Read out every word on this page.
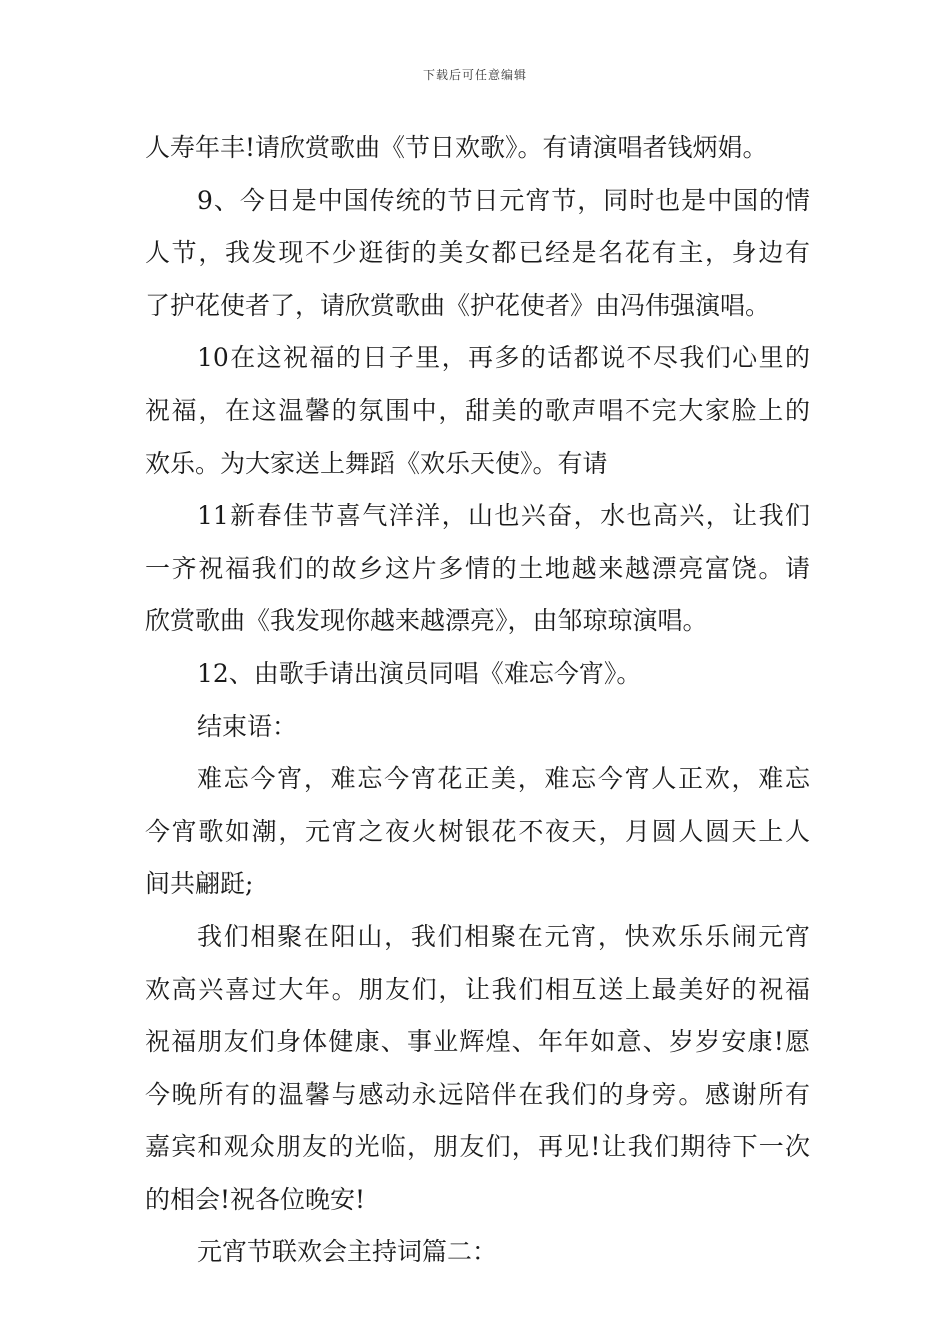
下载后可任意编辑
人寿年丰!请欣赏歌曲《节日欢歌》。有请演唱者钱炳娟。
9、今日是中国传统的节日元宵节，同时也是中国的情
人节，我发现不少逛街的美女都已经是名花有主，身边有
了护花使者了，请欣赏歌曲《护花使者》由冯伟强演唱。
10在这祝福的日子里，再多的话都说不尽我们心里的
祝福，在这温馨的氛围中，甜美的歌声唱不完大家脸上的
欢乐。为大家送上舞蹈《欢乐天使》。有请
11新春佳节喜气洋洋，山也兴奋，水也高兴，让我们
一齐祝福我们的故乡这片多情的土地越来越漂亮富饶。请
欣赏歌曲《我发现你越来越漂亮》，由邹琼琼演唱。
12、由歌手请出演员同唱《难忘今宵》。
结束语：
难忘今宵，难忘今宵花正美，难忘今宵人正欢，难忘
今宵歌如潮，元宵之夜火树银花不夜天，月圆人圆天上人
间共翩跹;
我们相聚在阳山，我们相聚在元宵，快欢乐乐闹元宵
欢高兴喜过大年。朋友们，让我们相互送上最美好的祝福
祝福朋友们身体健康、事业辉煌、年年如意、岁岁安康!愿
今晚所有的温馨与感动永远陪伴在我们的身旁。感谢所有
嘉宾和观众朋友的光临，朋友们，再见!让我们期待下一次
的相会!祝各位晚安!
元宵节联欢会主持词篇二：
